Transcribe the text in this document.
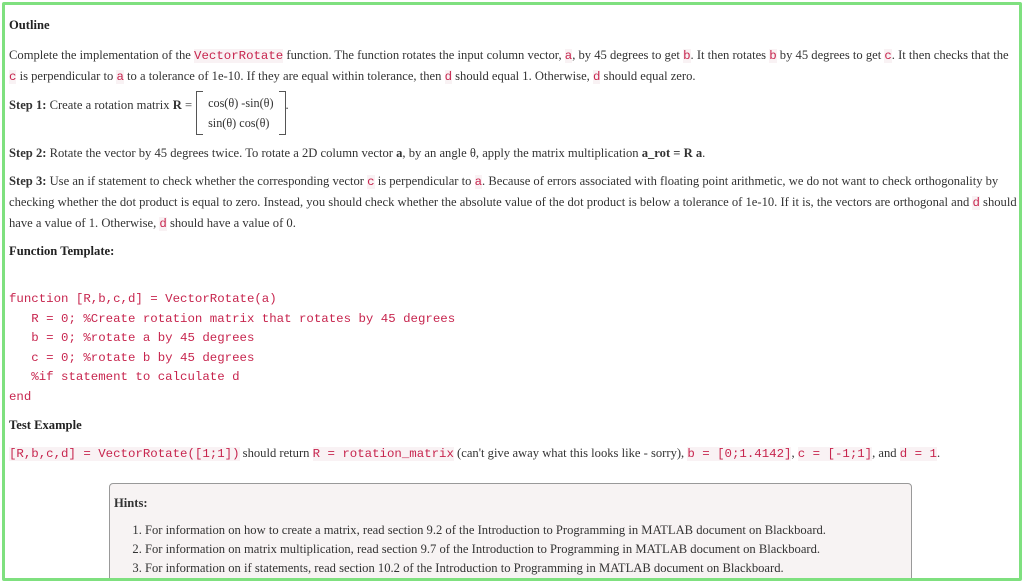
Outline

Complete the implementation of the VectorRotate function. The function rotates the input column vector, a, by 45 degrees to get b. It then rotates b by 45 degrees to get c. It then checks that the c is perpendicular to a to a tolerance of 1e-10. If they are equal within tolerance, then d should equal 1. Otherwise, d should equal zero.

Step 1: Create a rotation matrix R = cos(θ) -sin(θ)
sin(θ) cos(θ)
.

Step 2: Rotate the vector by 45 degrees twice. To rotate a 2D column vector a, by an angle θ, apply the matrix multiplication a_rot = R a.

Step 3: Use an if statement to check whether the corresponding vector c is perpendicular to a. Because of errors associated with floating point arithmetic, we do not want to check orthogonality by checking whether the dot product is equal to zero. Instead, you should check whether the absolute value of the dot product is below a tolerance of 1e-10. If it is, the vectors are orthogonal and d should have a value of 1. Otherwise, d should have a value of 0.

Function Template:
function [R,b,c,d] = VectorRotate(a)
R = 0; %Create rotation matrix that rotates by 45 degrees
b = 0; %rotate a by 45 degrees
c = 0; %rotate b by 45 degrees
%if statement to calculate d
end
Test Example

[R,b,c,d] = VectorRotate([1;1]) should return R = rotation_matrix (can't give away what this looks like - sorry), b = [0;1.4142], c = [-1;1], and d = 1.

Hints:
1. For information on how to create a matrix, read section 9.2 of the Introduction to Programming in MATLAB document on Blackboard.
2. For information on matrix multiplication, read section 9.7 of the Introduction to Programming in MATLAB document on Blackboard.
3. For information on if statements, read section 10.2 of the Introduction to Programming in MATLAB document on Blackboard.
